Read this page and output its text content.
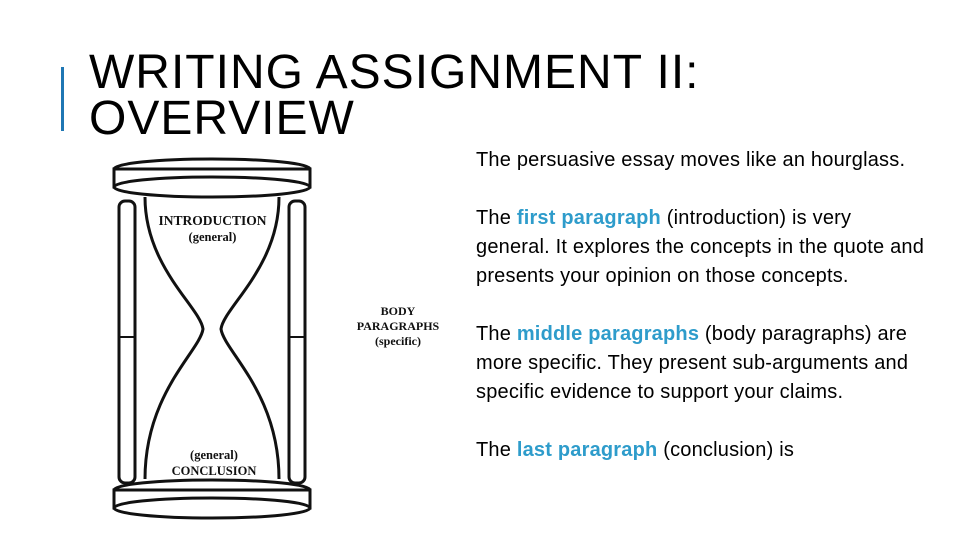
WRITING ASSIGNMENT II:
OVERVIEW
INTRODUCTION
(general)
(general)
CONCLUSION
BODY
PARAGRAPHS
(specific)

The persuasive essay moves like an hourglass.

The first paragraph (introduction) is very general. It explores the concepts in the quote and presents your opinion on those concepts.

The middle paragraphs (body paragraphs) are more specific. They present sub-arguments and specific evidence to support your claims.

The last paragraph (conclusion) is
